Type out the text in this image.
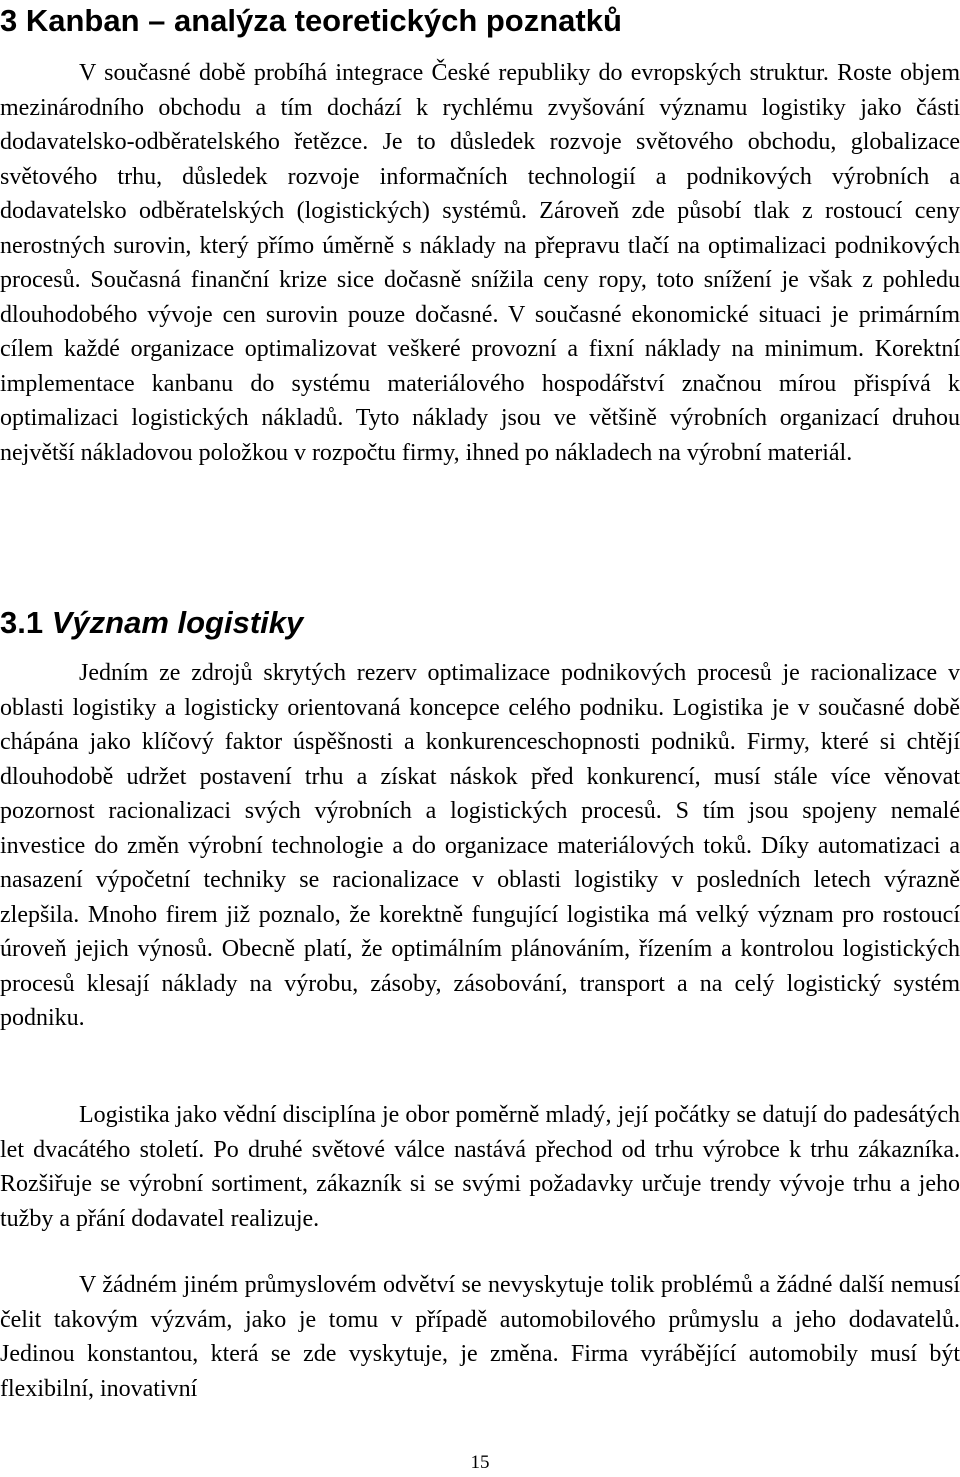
3 Kanban – analýza teoretických poznatků

V současné době probíhá integrace České republiky do evropských struktur. Roste objem mezinárodního obchodu a tím dochází k rychlému zvyšování významu logistiky jako části dodavatelsko-odběratelského řetězce. Je to důsledek rozvoje světového obchodu, globalizace světového trhu, důsledek rozvoje informačních technologií a podnikových výrobních a dodavatelsko odběratelských (logistických) systémů. Zároveň zde působí tlak z rostoucí ceny nerostných surovin, který přímo úměrně s náklady na přepravu tlačí na optimalizaci podnikových procesů. Současná finanční krize sice dočasně snížila ceny ropy, toto snížení je však z pohledu dlouhodobého vývoje cen surovin pouze dočasné. V současné ekonomické situaci je primárním cílem každé organizace optimalizovat veškeré provozní a fixní náklady na minimum. Korektní implementace kanbanu do systému materiálového hospodářství značnou mírou přispívá k optimalizaci logistických nákladů. Tyto náklady jsou ve většině výrobních organizací druhou největší nákladovou položkou v rozpočtu firmy, ihned po nákladech na výrobní materiál.

3.1 Význam logistiky

Jedním ze zdrojů skrytých rezerv optimalizace podnikových procesů je racionalizace v oblasti logistiky a logisticky orientovaná koncepce celého podniku. Logistika je v současné době chápána jako klíčový faktor úspěšnosti a konkurenceschopnosti podniků. Firmy, které si chtějí dlouhodobě udržet postavení trhu a získat náskok před konkurencí, musí stále více věnovat pozornost racionalizaci svých výrobních a logistických procesů. S tím jsou spojeny nemalé investice do změn výrobní technologie a do organizace materiálových toků. Díky automatizaci a nasazení výpočetní techniky se racionalizace v oblasti logistiky v posledních letech výrazně zlepšila. Mnoho firem již poznalo, že korektně fungující logistika má velký význam pro rostoucí úroveň jejich výnosů. Obecně platí, že optimálním plánováním, řízením a kontrolou logistických procesů klesají náklady na výrobu, zásoby, zásobování, transport a na celý logistický systém podniku.

Logistika jako vědní disciplína je obor poměrně mladý, její počátky se datují do padesátých let dvacátého století. Po druhé světové válce nastává přechod od trhu výrobce k trhu zákazníka. Rozšiřuje se výrobní sortiment, zákazník si se svými požadavky určuje trendy vývoje trhu a jeho tužby a přání dodavatel realizuje.

V žádném jiném průmyslovém odvětví se nevyskytuje tolik problémů a žádné další nemusí čelit takovým výzvám, jako je tomu v případě automobilového průmyslu a jeho dodavatelů. Jedinou konstantou, která se zde vyskytuje, je změna. Firma vyrábějící automobily musí být flexibilní, inovativní

15
